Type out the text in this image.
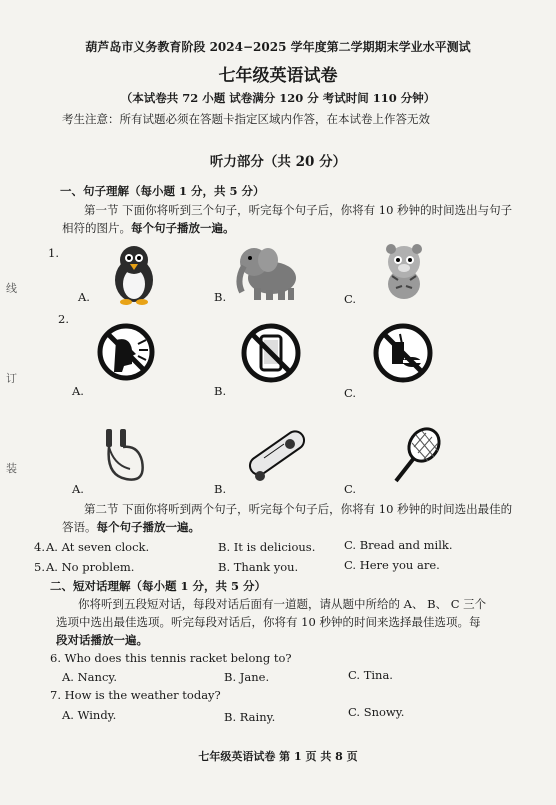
葫芦岛市义务教育阶段 2024−2025 学年度第二学期期末学业水平测试
七年级英语试卷
（本试卷共 72 小题 试卷满分 120 分 考试时间 110 分钟）
考生注意：所有试题必须在答题卡指定区域内作答，在本试卷上作答无效
听力部分（共 20 分）
一、句子理解（每小题 1 分，共 5 分）
第一节 下面你将听到三个句子，听完每个句子后，你将有 10 秒钟的时间选出与句子
相符的图片。每个句子播放一遍。
1.
A.	B.	C.
2.
A.	B.	C.
A.	B.	C.
第二节 下面你将听到两个句子，听完每个句子后，你将有 10 秒钟的时间选出最佳的
答语。每个句子播放一遍。
4. A. At seven clock.	B. It is delicious. C. Bread and milk.
5. A. No problem.	B. Thank you.	C. Here you are.
二、短对话理解（每小题 1 分，共 5 分）
你将听到五段短对话，每段对话后面有一道题，请从题中所给的 A、 B、 C 三个
选项中选出最佳选项。听完每段对话后，你将有 10 秒钟的时间来选择最佳选项。每
段对话播放一遍。
6. Who does this tennis racket belong to?
A. Nancy.	B. Jane.	C. Tina.
7. How is the weather today?
A. Windy.	B. Rainy.	C. Snowy.
线
订
装
七年级英语试卷 第 1 页 共 8 页
